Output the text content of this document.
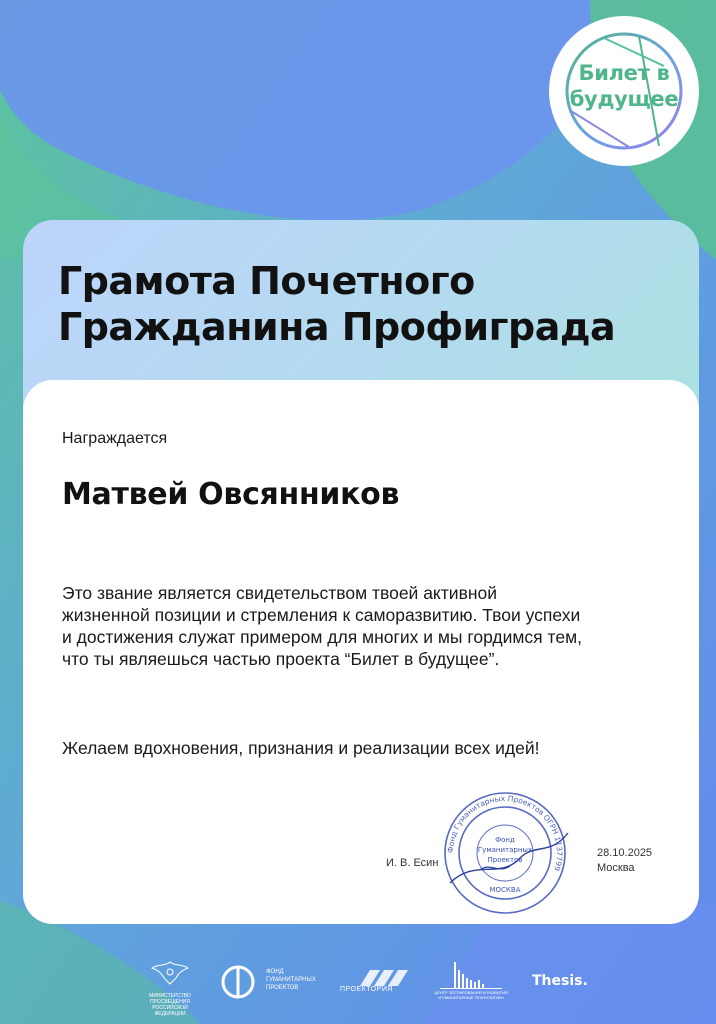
Билет в
будущее
Грамота Почетного
Гражданина Профиграда
Награждается
Матвей Овсянников

Это звание является свидетельством твоей активной жизненной позиции и стремления к саморазвитию. Твои успехи и достижения служат примером для многих и мы гордимся тем, что ты являешься частью проекта “Билет в будущее”.

Желаем вдохновения, признания и реализации всех идей!

И. В. Есин
Фонд Гуманитарных Проектов ОГРН 1137799
Фонд
Гуманитарных
Проектов
МОСКВА
28.10.2025
Москва
МИНИСТЕРСТВО ПРОСВЕЩЕНИЯ РОССИЙСКОЙ ФЕДЕРАЦИИ
ФОНД ГУМАНИТАРНЫХ ПРОЕКТОВ	ПРОЕКТОРИЯ	ЦЕНТР ТЕСТИРОВАНИЯ И РАЗВИТИЯ «ГУМАНИТАРНЫЕ ТЕХНОЛОГИИ»
Thesis.
